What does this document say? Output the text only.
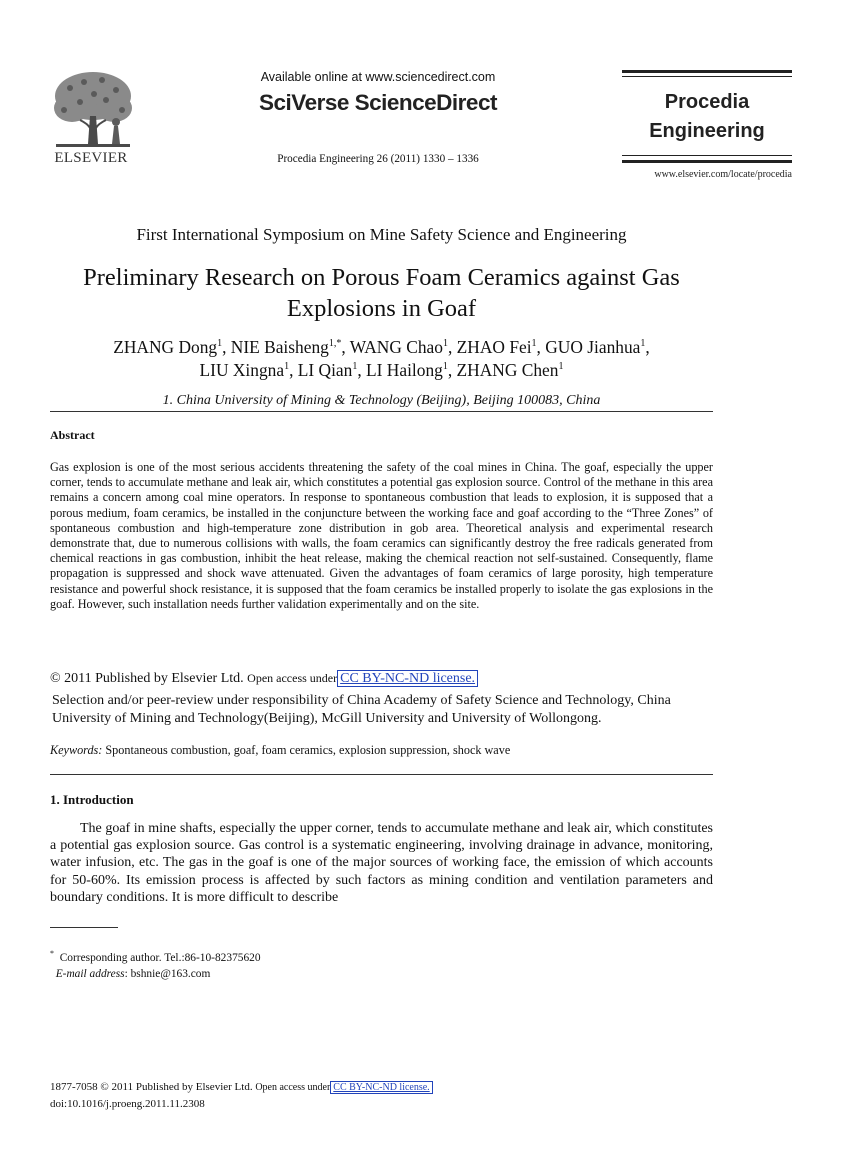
ELSEVIER
Available online at www.sciencedirect.com
SciVerse ScienceDirect
Procedia Engineering 26 (2011) 1330 – 1336
Procedia
Engineering
www.elsevier.com/locate/procedia
First International Symposium on Mine Safety Science and Engineering
Preliminary Research on Porous Foam Ceramics against Gas Explosions in Goaf
ZHANG Dong$^1$, NIE Baisheng$^{1,*}$, WANG Chao$^1$, ZHAO Fei$^1$, GUO Jianhua$^1$,
LIU Xingna$^1$, LI Qian$^1$, LI Hailong$^1$, ZHANG Chen$^1$
1. China University of Mining & Technology (Beijing), Beijing 100083, China
Abstract
Gas explosion is one of the most serious accidents threatening the safety of the coal mines in China. The goaf, especially the upper corner, tends to accumulate methane and leak air, which constitutes a potential gas explosion source. Control of the methane in this area remains a concern among coal mine operators. In response to spontaneous combustion that leads to explosion, it is supposed that a porous medium, foam ceramics, be installed in the conjuncture between the working face and goaf according to the “Three Zones” of spontaneous combustion and high-temperature zone distribution in gob area. Theoretical analysis and experimental research demonstrate that, due to numerous collisions with walls, the foam ceramics can significantly destroy the free radicals generated from chemical reactions in gas combustion, inhibit the heat release, making the chemical reaction not self-sustained. Consequently, flame propagation is suppressed and shock wave attenuated. Given the advantages of foam ceramics of large porosity, high temperature resistance and powerful shock resistance, it is supposed that the foam ceramics be installed properly to isolate the gas explosions in the goaf. However, such installation needs further validation experimentally and on the site.
© 2011 Published by Elsevier Ltd. Open access under CC BY-NC-ND license.
Selection and/or peer-review under responsibility of China Academy of Safety Science and Technology, China University of Mining and Technology(Beijing), McGill University and University of Wollongong.
Keywords: Spontaneous combustion, goaf, foam ceramics, explosion suppression, shock wave
1. Introduction
The goaf in mine shafts, especially the upper corner, tends to accumulate methane and leak air, which constitutes a potential gas explosion source. Gas control is a systematic engineering, involving drainage in advance, monitoring, water infusion, etc. The gas in the goaf is one of the major sources of working face, the emission of which accounts for 50-60%. Its emission process is affected by such factors as mining condition and ventilation parameters and boundary conditions. It is more difficult to describe
* Corresponding author. Tel.:86-10-82375620
E-mail address: bshnie@163.com
1877-7058 © 2011 Published by Elsevier Ltd. Open access under CC BY-NC-ND license.
doi:10.1016/j.proeng.2011.11.2308
